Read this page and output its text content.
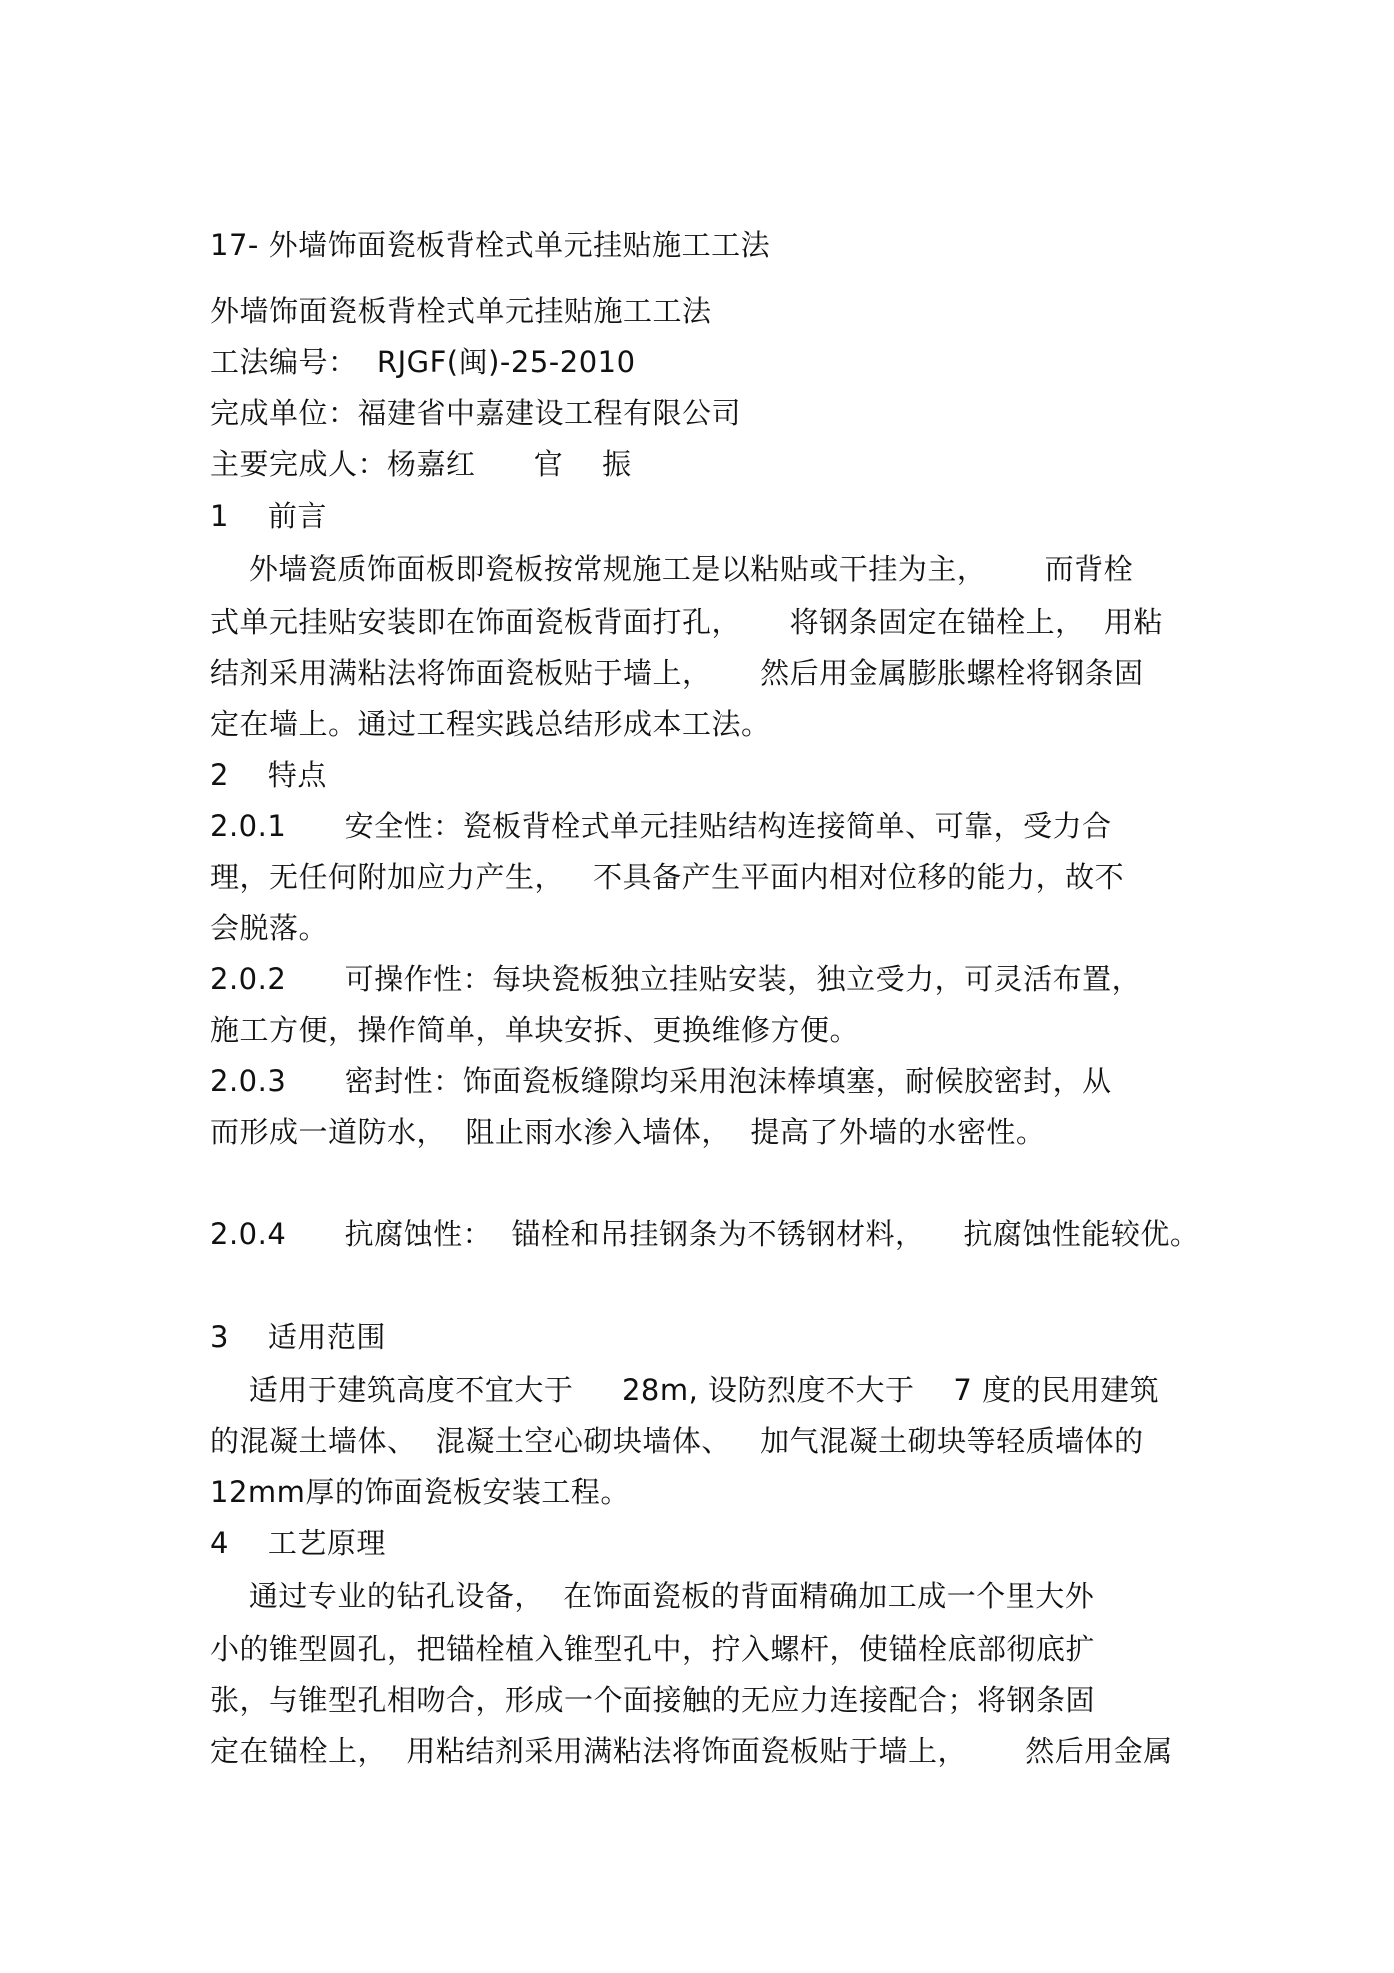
17- 外墙饰面瓷板背栓式单元挂贴施工工法
外墙饰面瓷板背栓式单元挂贴施工工法
工法编号：  RJGF(闽)-25-2010
完成单位：福建省中嘉建设工程有限公司
主要完成人：杨嘉红      官    振
1    前言
外墙瓷质饰面板即瓷板按常规施工是以粘贴或干挂为主，      而背栓
式单元挂贴安装即在饰面瓷板背面打孔，     将钢条固定在锚栓上，  用粘
结剂采用满粘法将饰面瓷板贴于墙上，     然后用金属膨胀螺栓将钢条固
定在墙上。通过工程实践总结形成本工法。
2    特点
2.0.1      安全性：瓷板背栓式单元挂贴结构连接简单、可靠，受力合
理，无任何附加应力产生，   不具备产生平面内相对位移的能力，故不
会脱落。
2.0.2      可操作性：每块瓷板独立挂贴安装，独立受力，可灵活布置，
施工方便，操作简单，单块安拆、更换维修方便。
2.0.3      密封性：饰面瓷板缝隙均采用泡沫棒填塞，耐候胶密封，从
而形成一道防水，  阻止雨水渗入墙体，  提高了外墙的水密性。
2.0.4      抗腐蚀性：  锚栓和吊挂钢条为不锈钢材料，    抗腐蚀性能较优。
3    适用范围
适用于建筑高度不宜大于     28m, 设防烈度不大于    7 度的民用建筑
的混凝土墙体、  混凝土空心砌块墙体、   加气混凝土砌块等轻质墙体的
12mm厚的饰面瓷板安装工程。
4    工艺原理
通过专业的钻孔设备，  在饰面瓷板的背面精确加工成一个里大外
小的锥型圆孔，把锚栓植入锥型孔中，拧入螺杆，使锚栓底部彻底扩
张，与锥型孔相吻合，形成一个面接触的无应力连接配合；将钢条固
定在锚栓上，  用粘结剂采用满粘法将饰面瓷板贴于墙上，      然后用金属
